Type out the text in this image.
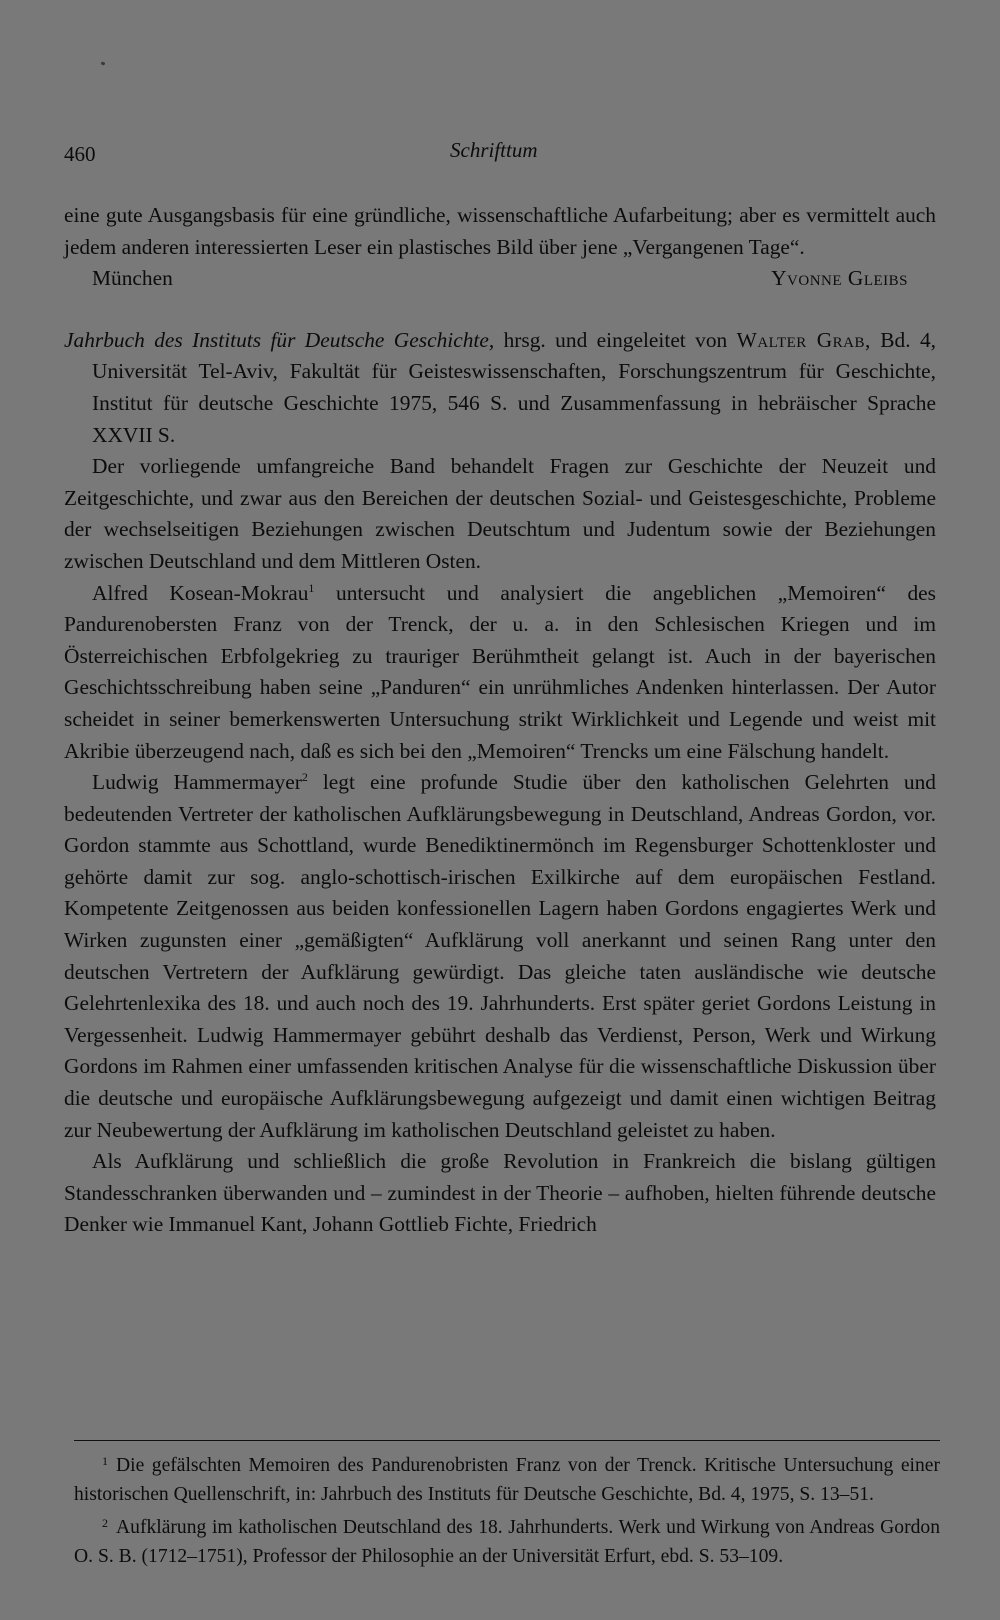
460	Schrifttum

eine gute Ausgangsbasis für eine gründliche, wissenschaftliche Aufarbeitung; aber es vermittelt auch jedem anderen interessierten Leser ein plastisches Bild über jene „Vergangenen Tage“.

München	Yvonne Gleibs

Jahrbuch des Instituts für Deutsche Geschichte, hrsg. und eingeleitet von Walter Grab, Bd. 4, Universität Tel-Aviv, Fakultät für Geisteswissenschaften, Forschungszentrum für Geschichte, Institut für deutsche Geschichte 1975, 546 S. und Zusammenfassung in hebräischer Sprache XXVII S.

Der vorliegende umfangreiche Band behandelt Fragen zur Geschichte der Neuzeit und Zeitgeschichte, und zwar aus den Bereichen der deutschen Sozial- und Geistesgeschichte, Probleme der wechselseitigen Beziehungen zwischen Deutschtum und Judentum sowie der Beziehungen zwischen Deutschland und dem Mittleren Osten.

Alfred Kosean-Mokrau$^1$ untersucht und analysiert die angeblichen „Memoiren“ des Pandurenobersten Franz von der Trenck, der u. a. in den Schlesischen Kriegen und im Österreichischen Erbfolgekrieg zu trauriger Berühmtheit gelangt ist. Auch in der bayerischen Geschichtsschreibung haben seine „Panduren“ ein unrühmliches Andenken hinterlassen. Der Autor scheidet in seiner bemerkenswerten Untersuchung strikt Wirklichkeit und Legende und weist mit Akribie überzeugend nach, daß es sich bei den „Memoiren“ Trencks um eine Fälschung handelt.

Ludwig Hammermayer$^2$ legt eine profunde Studie über den katholischen Gelehrten und bedeutenden Vertreter der katholischen Aufklärungsbewegung in Deutschland, Andreas Gordon, vor. Gordon stammte aus Schottland, wurde Benediktinermönch im Regensburger Schottenkloster und gehörte damit zur sog. anglo-schottisch-irischen Exilkirche auf dem europäischen Festland. Kompetente Zeitgenossen aus beiden konfessionellen Lagern haben Gordons engagiertes Werk und Wirken zugunsten einer „gemäßigten“ Aufklärung voll anerkannt und seinen Rang unter den deutschen Vertretern der Aufklärung gewürdigt. Das gleiche taten ausländische wie deutsche Gelehrtenlexika des 18. und auch noch des 19. Jahrhunderts. Erst später geriet Gordons Leistung in Vergessenheit. Ludwig Hammermayer gebührt deshalb das Verdienst, Person, Werk und Wirkung Gordons im Rahmen einer umfassenden kritischen Analyse für die wissenschaftliche Diskussion über die deutsche und europäische Aufklärungsbewegung aufgezeigt und damit einen wichtigen Beitrag zur Neubewertung der Aufklärung im katholischen Deutschland geleistet zu haben.

Als Aufklärung und schließlich die große Revolution in Frankreich die bislang gültigen Standesschranken überwanden und – zumindest in der Theorie – aufhoben, hielten führende deutsche Denker wie Immanuel Kant, Johann Gottlieb Fichte, Friedrich

$^1$ Die gefälschten Memoiren des Pandurenobristen Franz von der Trenck. Kritische Untersuchung einer historischen Quellenschrift, in: Jahrbuch des Instituts für Deutsche Geschichte, Bd. 4, 1975, S. 13–51.

$^2$ Aufklärung im katholischen Deutschland des 18. Jahrhunderts. Werk und Wirkung von Andreas Gordon O. S. B. (1712–1751), Professor der Philosophie an der Universität Erfurt, ebd. S. 53–109.
